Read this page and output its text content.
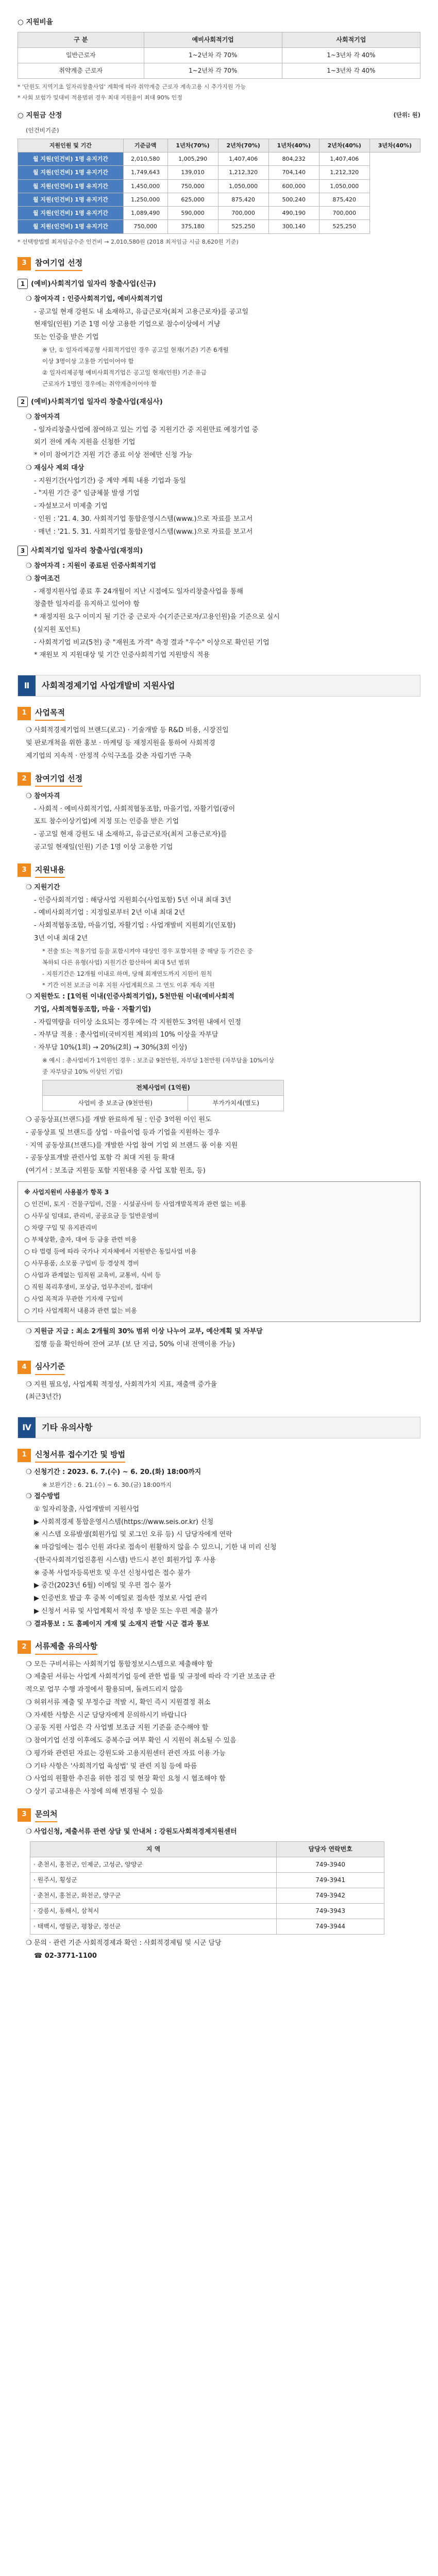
○ 지원비율
구 분	예비사회적기업	사회적기업
일반근로자	1~2년차 각 70%	1~3년차 각 40%
취약계층 근로자	1~2년차 각 70%	1~3년차 각 40%
* '단원도 지역기초 일자리창출사업' 계획에 따라 취약계층 근로자 계속고용 시 추가지원 가능
* 사회 보험가 및대비 적용범위 경우 최대 지원율이 최대 90% 인정
○ 지원금 산정	(단위: 원)
(인건비기준)
지원인원 및 기간	기준금액	1년차(70%)	2년차(70%)	1년차(40%)	2년차(40%)	3년차(40%)
월 지원(인건비) 1명 유지기간	2,010,580	1,005,290	1,407,406	804,232	1,407,406	
월 지원(인건비) 1명 유지기간	1,749,643	139,010	1,212,320	704,140	1,212,320	
월 지원(인건비) 1명 유지기간	1,450,000	750,000	1,050,000	600,000	1,050,000	
월 지원(인건비) 1명 유지기간	1,250,000	625,000	875,420	500,240	875,420	
월 지원(인건비) 1명 유지기간	1,089,490	590,000	700,000	490,190	700,000	
월 지원(인건비) 1명 유지기간	750,000	375,180	525,250	300,140	525,250	
* 선택방법별 최저임금수준 인건비 → 2,010,580원 (2018 최저임금 시급 8,620원 기준)
3	참여기업 선정
1 (예비)사회적기업 일자리 창출사업(신규)
❍ 참여자격 : 인증사회적기업, 예비사회적기업
- 공고일 현재 강원도 내 소재하고, 유급근로자(최저 고용근로자)를 공고일
현재일(인원) 기준 1명 이상 고용한 기업으로 참수이상에서 겨냥
또는 인증을 받은 기업
※ 단, ① 일자리제공형 사회적기업인 경우 공고일 현재(기준) 기존 6개월
이상 3명이상 고용한 기업이어야 함
② 일자리제공형 예비사회적기업은 공고일 현재(인원) 기준 유급
근로자가 1명인 경우에는 취약계층이어야 함
2 (예비)사회적기업 일자리 창출사업(재심사)
❍ 참여자격
- 일자리창출사업에 참여하고 있는 기업 중 지원기간 중 지원만료 예정기업 중
외기 전에 계속 지원을 신청한 기업
* 이미 참여기간 지원 기간 종료 이상 전에만 신청 가능
❍ 재심사 제외 대상
- 지원기간(사업기간) 중 계약 계획 내용 기업과 동일
- "지원 기간 중" 임금체불 발생 기업
- 자설보고서 미제출 기업
· 인원 : '21. 4. 30. 사회적기업 통합운영시스템(www.)으로 자료를 보고서
· 매년 : '21. 5. 31. 사회적기업 통합운영시스템(www.)으로 자료를 보고서
3 사회적기업 일자리 창출사업(재정의)
❍ 참여자격 : 지원이 종료된 인증사회적기업
❍ 참여조건
- 재정지원사업 종료 후 24개월이 지난 시점에도 일자리창출사업을 통해
창출한 일자리를 유지하고 있어야 함
* 재정지원 요구 이미지 될 기간 중 근로자 수(기준근로자/고용인원)을 기준으로 실시
(실지원 포인트)
- 사회적기업 비교(5천) 중 "재원조 가격" 측정 결과 "우수" 이상으로 확인된 기업
* 재원보 지 지원대상 및 기간 인증사회적기업 지원방식 적용
Ⅱ	사회적경제기업 사업개발비 지원사업
1	사업목적
❍ 사회적경제기업의 브랜드(로고) · 기술개발 등 R&D 비용, 시장진입
및 판로개척을 위한 홍보 · 마케팅 등 재정지원을 통하여 사회적경
제기업의 지속적 · 안정적 수익구조를 갖춘 자립기반 구축
2	참여기업 선정
❍ 참여자격
- 사회적 · 예비사회적기업, 사회적협동조합, 마을기업, 자활기업(광이
포트 참수이상기업)에 지정 또는 인증을 받은 기업
- 공고일 현재 강원도 내 소재하고, 유급근로자(최저 고용근로자)를
공고일 현재일(인원) 기준 1명 이상 고용한 기업
3	지원내용
❍ 지원기간
- 인증사회적기업 : 해당사업 지원회수(사업포함) 5년 이내 최대 3년
- 예비사회적기업 : 지정일로부터 2년 이내 최대 2년
- 사회적협동조합, 마을기업, 자활기업 : 사업개발비 지원회기(인포함)
3년 이내 최대 2년
* 전출 또는 적용기업 등을 포함시켜야 대상인 경우 포함지원 중 해당 등 기간은 중
복하되 다른 유형(사업) 지원기간 합산하여 최대 5년 범위
- 지원기간은 12개월 이내로 하며, 당해 회계연도까지 지원이 원칙
* 기간 이전 보조금 이후 지원 사업계획으로 그 연도 이후 계속 지원
❍ 지원한도 : [1억원 이내(인증사회적기업), 5천만원 이내(예비사회적
기업, 사회적협동조합, 마을 · 자활기업)
- 자립역량을 더이상 소요되는 경우에는 각 지원한도 3억원 내에서 인정
- 자부담 적용 : 총사업비(국비지원 제외)의 10% 이상을 자부담
· 자부담 10%(1회) → 20%(2회) → 30%(3회 이상)
※ 예시 : 총사업비가 1억원인 경우 : 보조금 9천만원, 자부담 1천만원 (자부담율 10%이상
중 자부담금 10% 이상인 기업)
전체사업비 (1억원)
사업비 중 보조금 (9천만원)	부가가치세(별도)
❍ 공동상표(브랜드)를 개발 완료하게 될 : 인증 3억원 이인 원도
- 공동상표 및 브랜드를 상업 · 마을이업 등과 기업을 지원하는 경우
· 지역 공동상표(브랜드)를 개발한 사업 참여 기업 외 브랜드 품 이용 지원
- 공동상표개발 관련사업 포함 각 최대 지원 등 확대
(여기서 : 보조금 지원등 포함 지원내용 중 사업 포함 원조, 등)
※ 사업지원비 사용불가 항목 3
○ 인건비, 토지 · 건물구입비, 건물 · 시설공사비 등 사업개발목적과 관련 없는 비용
○ 사무실 임대료, 관리비, 공공요금 등 일반운영비
○ 차량 구입 및 유지관리비
○ 부채상환, 출자, 대여 등 금융 관련 비용
○ 타 법령 등에 따라 국가나 지자체에서 지원받은 동일사업 비용
○ 사무용품, 소모품 구입비 등 경상적 경비
○ 사업과 관계없는 임직원 교육비, 교통비, 식비 등
○ 직원 복리후생비, 포상금, 업무추진비, 접대비
○ 사업 목적과 무관한 기자재 구입비
○ 기타 사업계획서 내용과 관련 없는 비용
❍ 지원금 지급 : 최소 2개월의 30% 범위 이상 나누어 교부, 예산계획 및 자부담
집행 등을 확인하여 잔여 교부 (보 단 지급, 50% 이내 전액이용 가능)
4	심사기준
❍ 지원 필요성, 사업계획 적정성, 사회적가치 지표, 재출액 증가율
(최근3년간)
Ⅳ	기타 유의사항
1	신청서류 접수기간 및 방법
❍ 신청기간 : 2023. 6. 7.(수) ~ 6. 20.(화) 18:00까지
※ 보완기간 : 6. 21.(수) ~ 6. 30.(금) 18:00까지
❍ 접수방법
① 일자리창출, 사업개발비 지원사업
▶ 사회적경제 통합운영시스템(https://www.seis.or.kr) 신청
※ 시스템 오류발생(회원가입 및 로그인 오류 등) 시 담당자에게 연락
※ 마감일에는 접수 인원 과다로 접속이 원활하지 않을 수 있으니, 기한 내 미리 신청
·(한국사회적기업진흥원 시스템) 반드시 본인 회원가입 후 사용
※ 중복 사업자등록번호 및 우선 신청사업은 접수 불가
▶ 중간(2023년 6월) 이메일 및 우편 접수 불가
▶ 인증번호 발급 후 중복 이메일로 접속한 정보로 사업 관리
▶ 신청서 서류 및 사업계획서 작성 후 방문 또는 우편 제출 불가
❍ 결과통보 : 도 홈페이지 게재 및 소재지 관할 시군 결과 통보
2	서류제출 유의사항
❍ 모든 구비서류는 사회적기업 통합정보시스템으로 제출해야 함
❍ 제출된 서류는 사업계 사회적기업 등에 관한 법률 및 규정에 따라 각 기관 보조금 관
적으로 업무 수행 과정에서 활용되며, 돌려드리지 않음
❍ 허위서류 제출 및 부정수급 적발 시, 확인 즉시 지원결정 취소
❍ 자세한 사항은 시군 담당자에게 문의하시기 바랍니다
❍ 공동 지원 사업은 각 사업별 보조금 지원 기준을 준수해야 함
❍ 참여기업 선정 이후에도 중복수급 여부 확인 시 지원이 취소될 수 있음
❍ 평가와 관련된 자료는 강원도와 고용지원센터 관련 자료 이용 가능
❍ 기타 사항은 '사회적기업 육성법' 및 관련 지침 등에 따름
❍ 사업의 원활한 추진을 위한 점검 및 현장 확인 요청 시 협조해야 함
❍ 상기 공고내용은 사정에 의해 변경될 수 있음
3	문의처
❍ 사업신청, 제출서류 관련 상담 및 안내처 : 강원도사회적경제지원센터
지 역	담당자 연락번호
· 춘천시, 홍천군, 인제군, 고성군, 양양군	749-3940
· 원주시, 횡성군	749-3941
· 춘천시, 홍천군, 화천군, 양구군	749-3942
· 강릉시, 동해시, 삼척시	749-3943
· 태백시, 영월군, 평창군, 정선군	749-3944
❍ 문의 · 관련 기준 사회적경제과 확인 : 사회적경제팀 및 시군 담당
☎ 02-3771-1100
